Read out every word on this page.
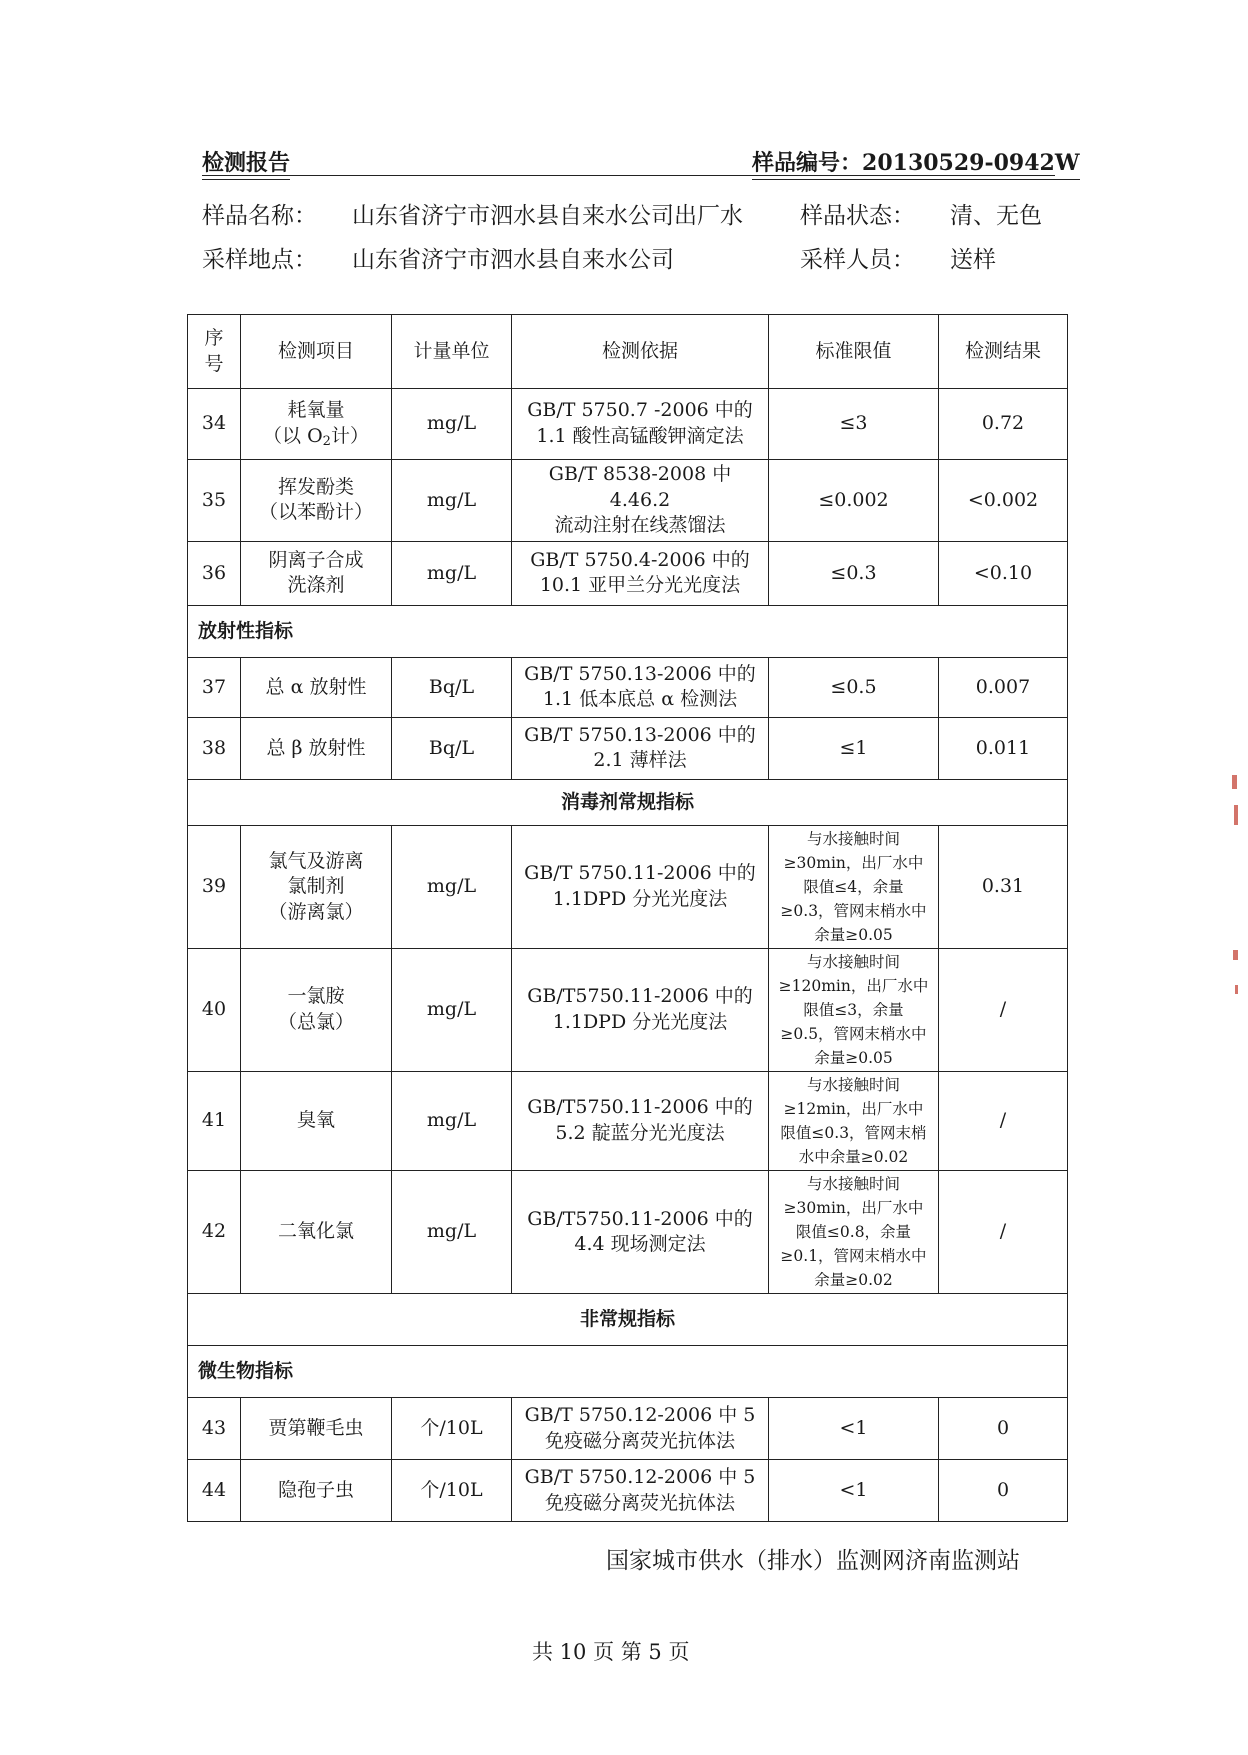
检测报告	样品编号：20130529-0942W
样品名称： 山东省济宁市泗水县自来水公司出厂水 样品状态： 清、无色
采样地点： 山东省济宁市泗水县自来水公司	采样人员： 送样
序
号	检测项目	计量单位	检测依据	标准限值	检测结果
34	耗氧量
（以 $O_2$计）	mg/L	GB/T 5750.7 -2006 中的
1.1 酸性高锰酸钾滴定法	≤3	0.72
35	挥发酚类
（以苯酚计）	mg/L	GB/T 8538-2008 中 4.46.2
流动注射在线蒸馏法	≤0.002	<0.002
36	阴离子合成
洗涤剂	mg/L	GB/T 5750.4-2006 中的
10.1 亚甲兰分光光度法	≤0.3	<0.10
放射性指标					
37	总 α 放射性	Bq/L	GB/T 5750.13-2006 中的
1.1 低本底总 α 检测法	≤0.5	0.007
38	总 β 放射性	Bq/L	GB/T 5750.13-2006 中的
2.1 薄样法	≤1	0.011
消毒剂常规指标					
39	氯气及游离
氯制剂
（游离氯）	mg/L	GB/T 5750.11-2006 中的
1.1DPD 分光光度法	与水接触时间
≥30min，出厂水中
限值≤4，余量
≥0.3，管网末梢水中
余量≥0.05	0.31
40	一氯胺
（总氯）	mg/L	GB/T5750.11-2006 中的
1.1DPD 分光光度法	与水接触时间
≥120min，出厂水中
限值≤3，余量
≥0.5，管网末梢水中
余量≥0.05	/
41	臭氧	mg/L	GB/T5750.11-2006 中的
5.2 靛蓝分光光度法	与水接触时间
≥12min，出厂水中
限值≤0.3，管网末梢
水中余量≥0.02	/
42	二氧化氯	mg/L	GB/T5750.11-2006 中的
4.4 现场测定法	与水接触时间
≥30min，出厂水中
限值≤0.8，余量
≥0.1，管网末梢水中
余量≥0.02	/
非常规指标					
微生物指标					
43	贾第鞭毛虫	个/10L	GB/T 5750.12-2006 中 5
免疫磁分离荧光抗体法	<1	0
44	隐孢子虫	个/10L	GB/T 5750.12-2006 中 5
免疫磁分离荧光抗体法	<1	0
国家城市供水（排水）监测网济南监测站
共 10 页 第 5 页
